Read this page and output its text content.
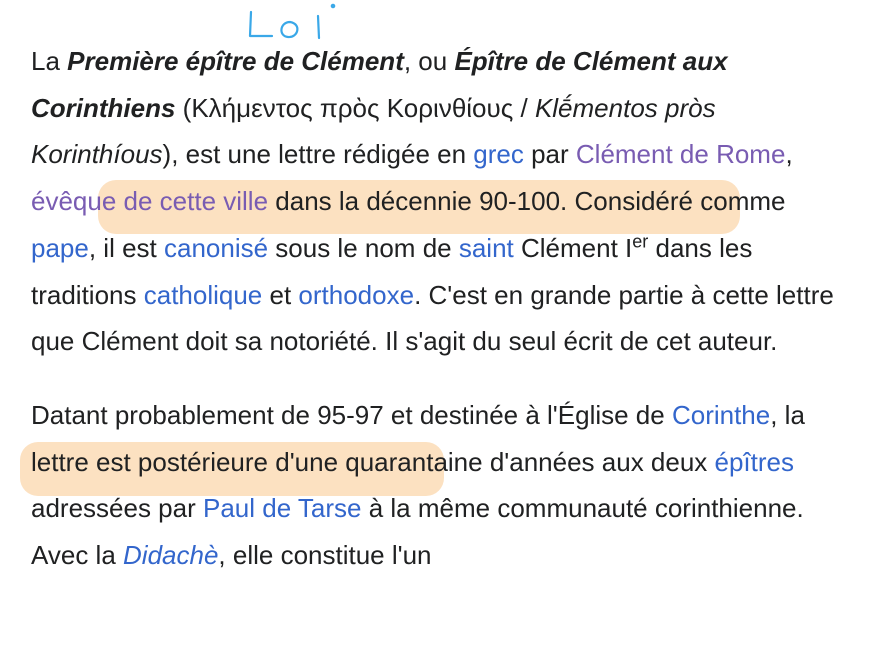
La Première épître de Clément, ou Épître de Clément aux Corinthiens (Κλήμεντος πρὸς Κορινθίους / Klḗmentos pròs Korinthíous), est une lettre rédigée en grec par Clément de Rome, évêque de cette ville dans la décennie 90-100. Considéré comme pape, il est canonisé sous le nom de saint Clément Ier dans les traditions catholique et orthodoxe. C'est en grande partie à cette lettre que Clément doit sa notoriété. Il s'agit du seul écrit de cet auteur.

Datant probablement de 95-97 et destinée à l'Église de Corinthe, la lettre est postérieure d'une quarantaine d'années aux deux épîtres adressées par Paul de Tarse à la même communauté corinthienne. Avec la Didachè, elle constitue l'un
